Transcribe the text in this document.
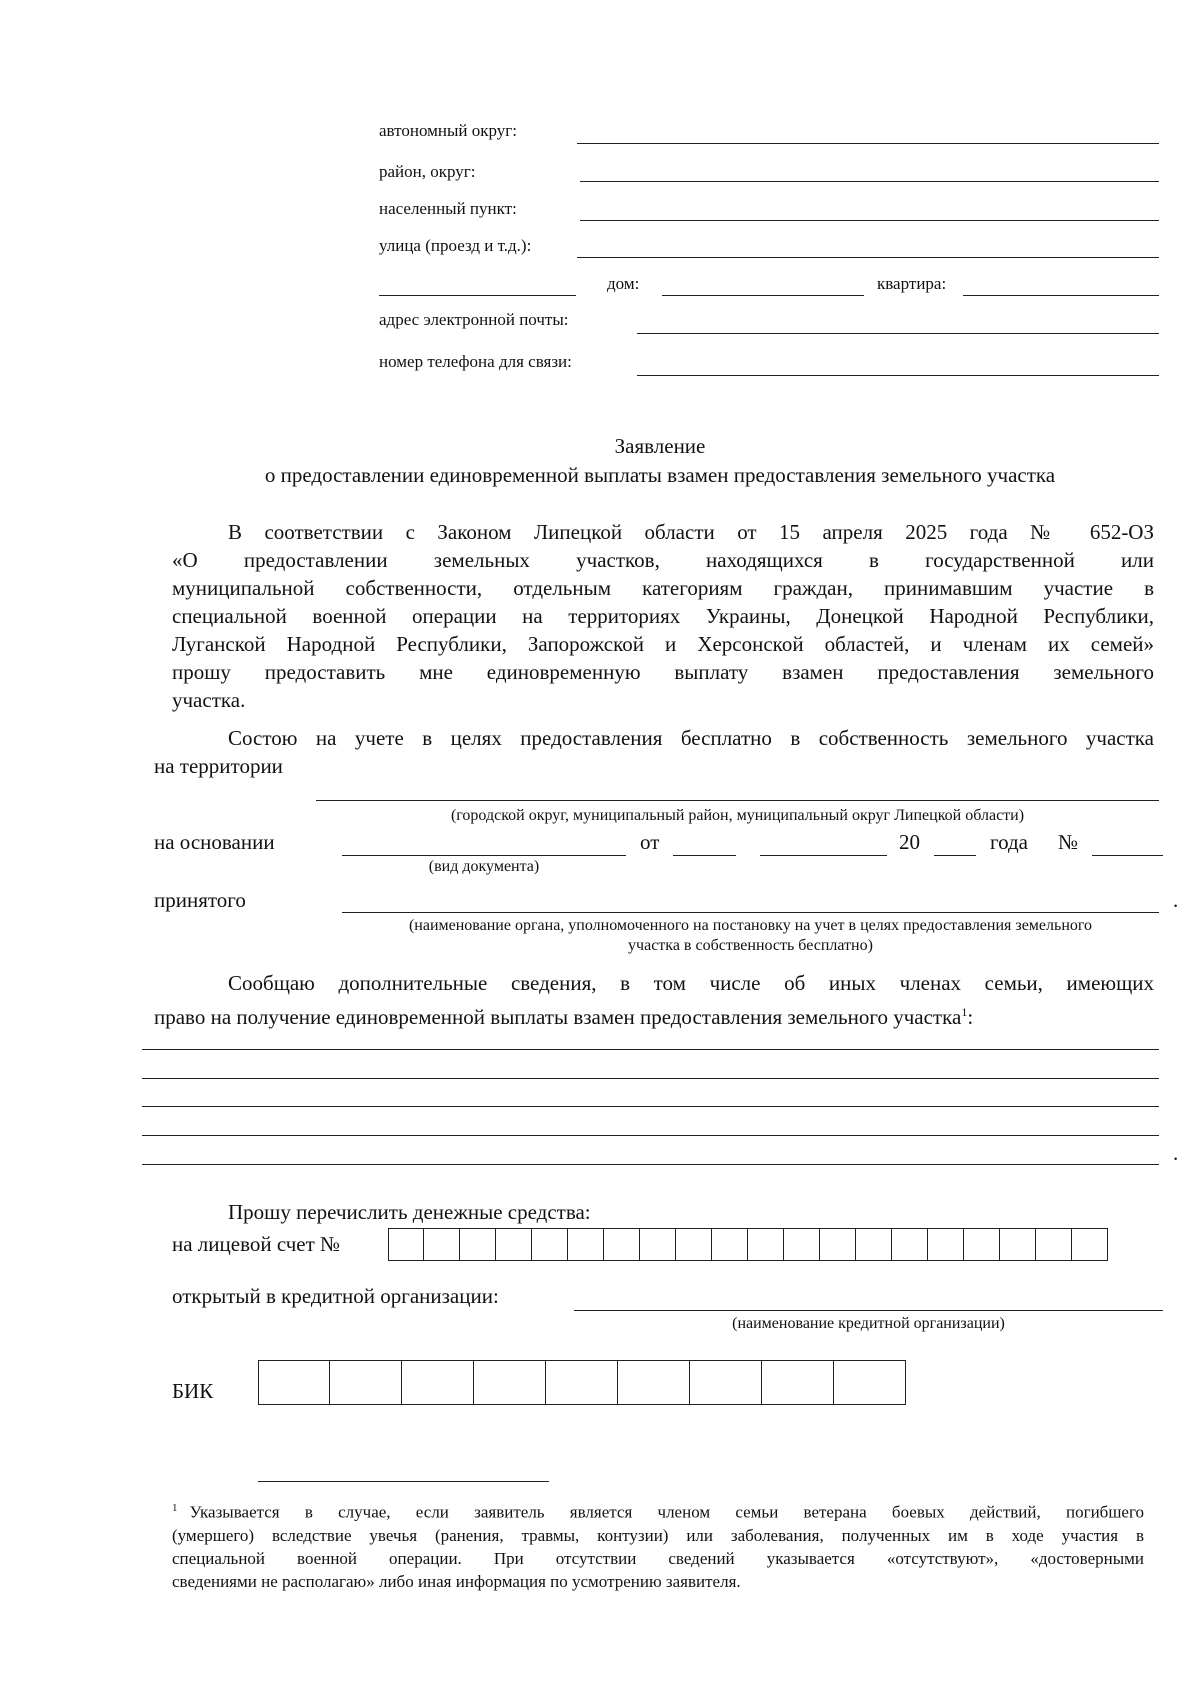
автономный округ:
район, округ:
населенный пункт:
улица (проезд и т.д.):
дом:	квартира:
адрес электронной почты:
номер телефона для связи:
Заявление
о предоставлении единовременной выплаты взамен предоставления земельного участка
В соответствии с Законом Липецкой области от 15 апреля 2025 года № 652-ОЗ
«О предоставлении земельных участков, находящихся в государственной или
муниципальной собственности, отдельным категориям граждан, принимавшим участие в
специальной военной операции на территориях Украины, Донецкой Народной Республики,
Луганской Народной Республики, Запорожской и Херсонской областей, и членам их семей»
прошу предоставить мне единовременную выплату взамен предоставления земельного
участка.
Состою на учете в целях предоставления бесплатно в собственность земельного участка
на территории
(городской округ, муниципальный район, муниципальный округ Липецкой области)
на основании	от	20	года №
(вид документа)
принятого	.
(наименование органа, уполномоченного на постановку на учет в целях предоставления земельного
участка в собственность бесплатно)
Сообщаю дополнительные сведения, в том числе об иных членах семьи, имеющих
право на получение единовременной выплаты взамен предоставления земельного участка$^1$:
.
Прошу перечислить денежные средства:
на лицевой счет №
открытый в кредитной организации:
(наименование кредитной организации)
БИК
$^1$ Указывается в случае, если заявитель является членом семьи ветерана боевых действий, погибшего
(умершего) вследствие увечья (ранения, травмы, контузии) или заболевания, полученных им в ходе участия в
специальной военной операции. При отсутствии сведений указывается «отсутствуют», «достоверными
сведениями не располагаю» либо иная информация по усмотрению заявителя.
